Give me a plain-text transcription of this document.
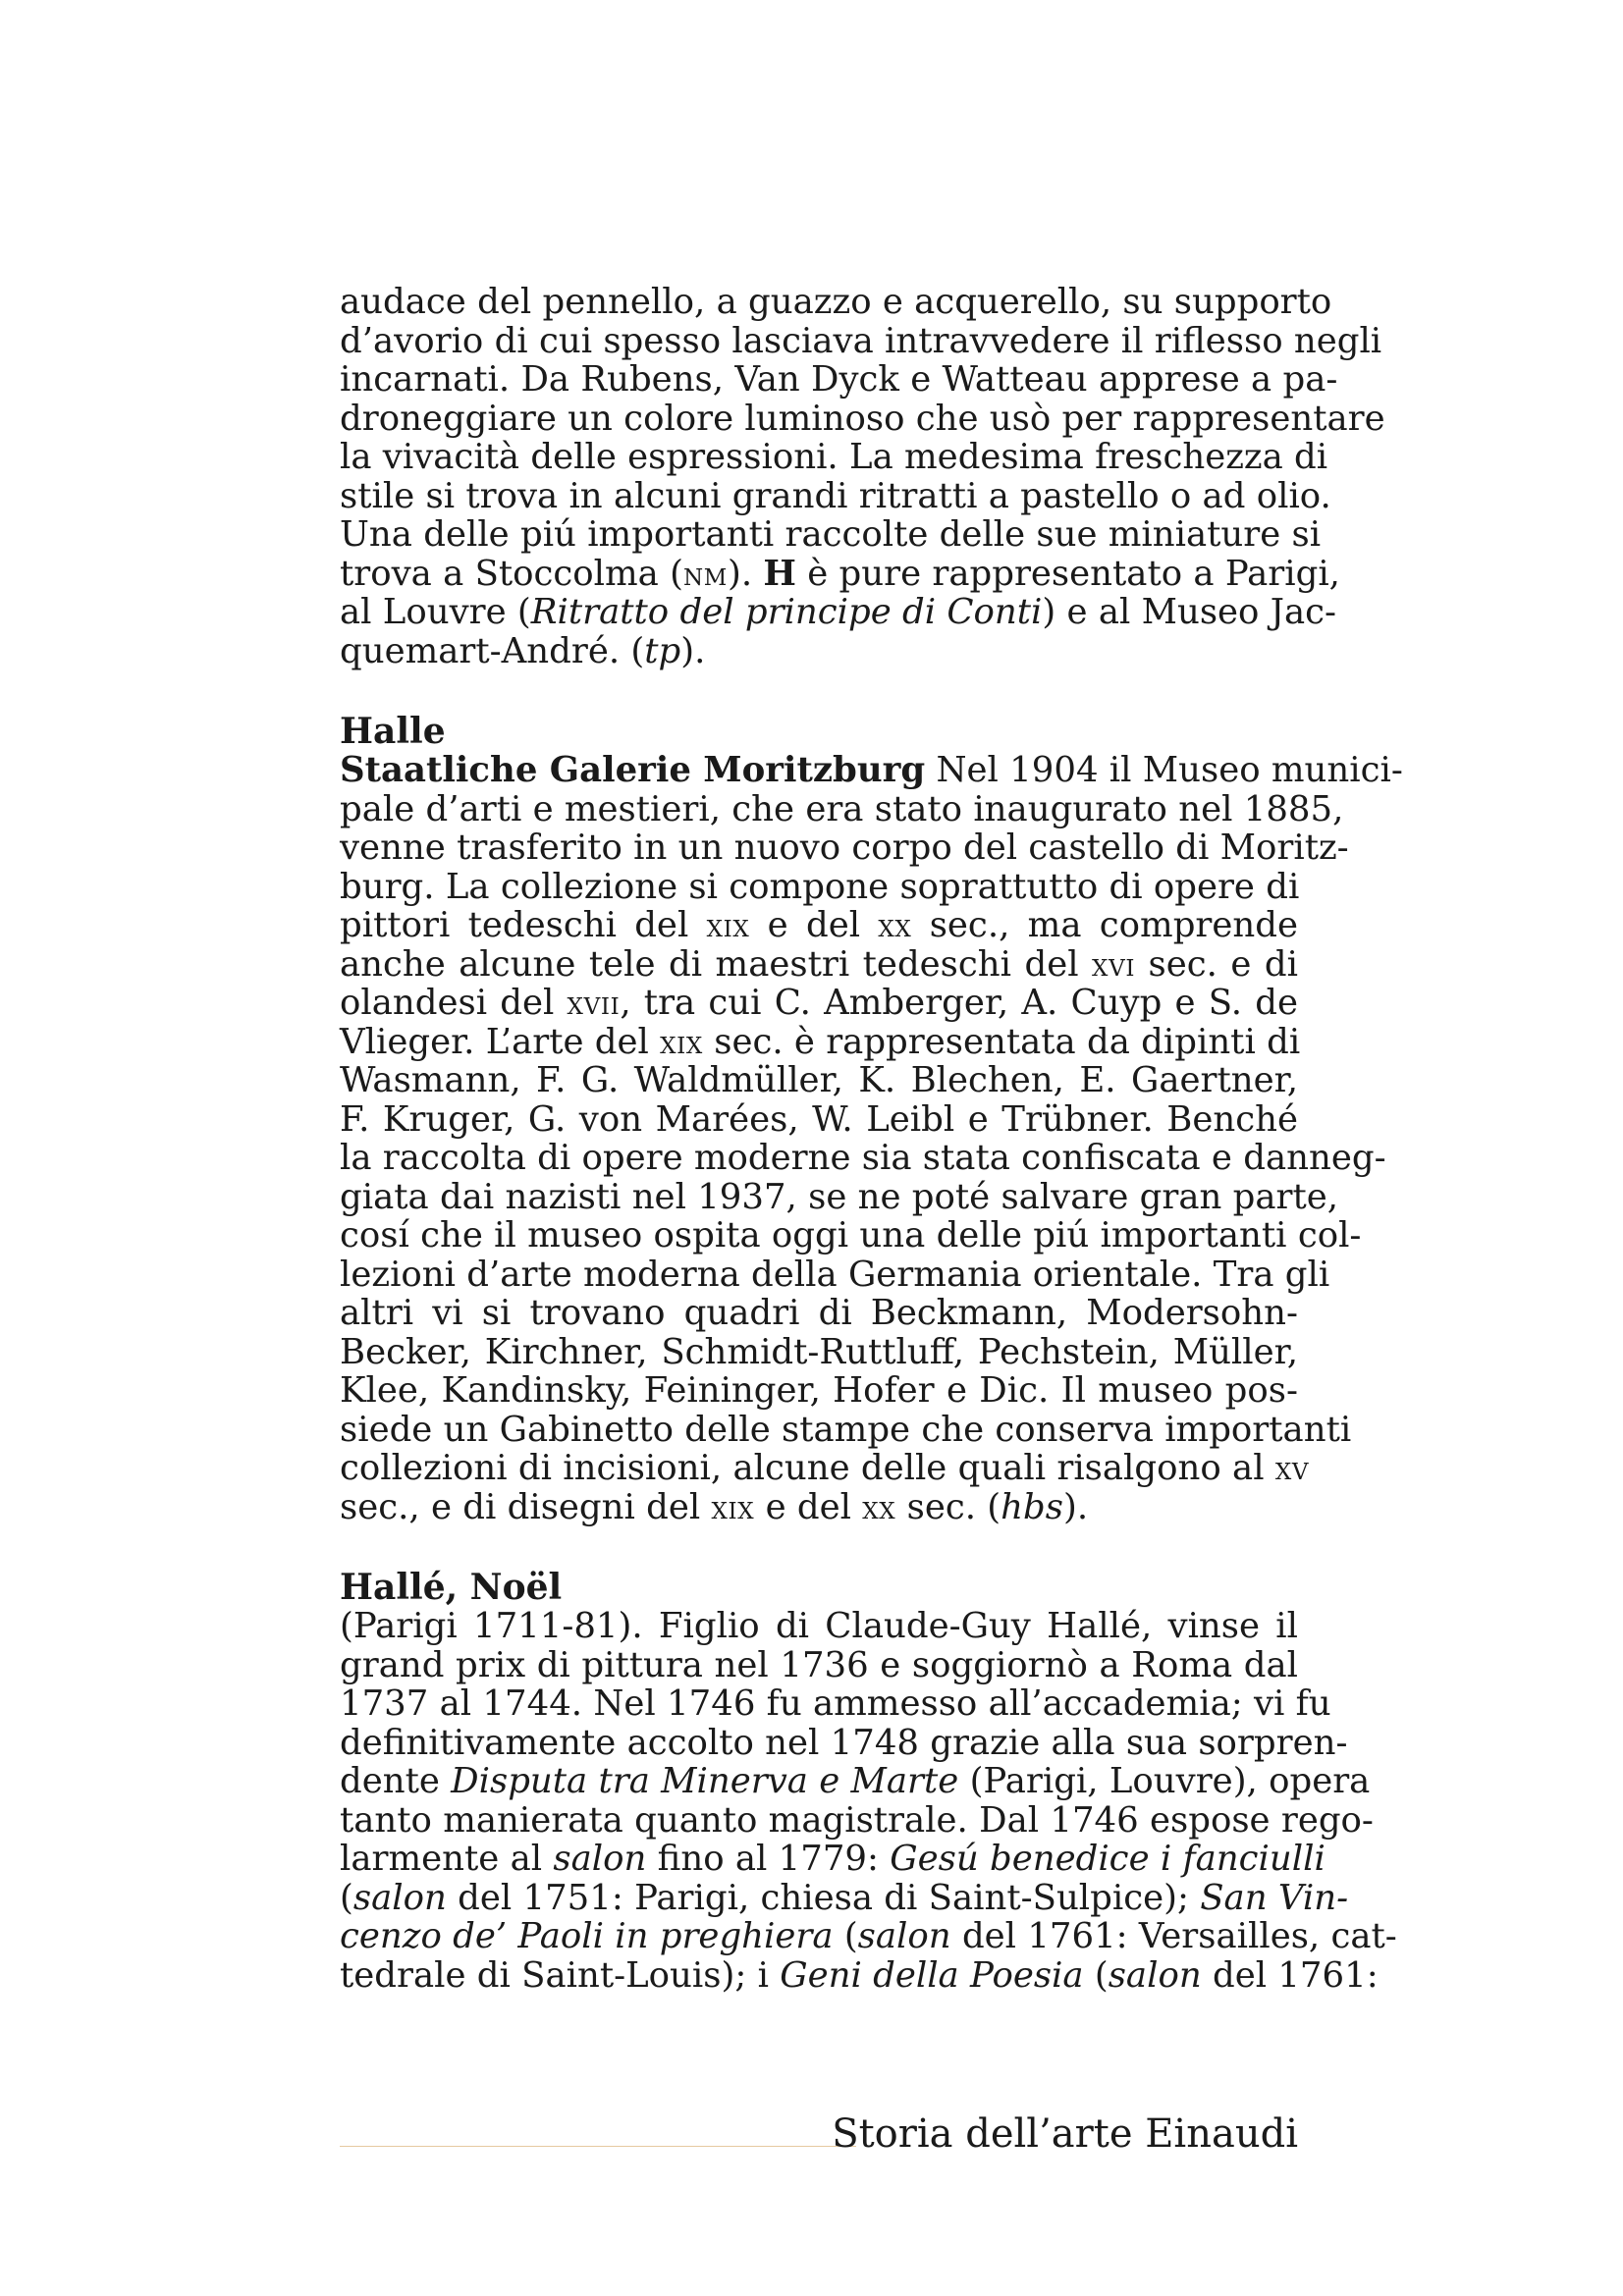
audace del pennello, a guazzo e acquerello, su supporto
d’avorio di cui spesso lasciava intravvedere il riflesso negli
incarnati. Da Rubens, Van Dyck e Watteau apprese a pa-
droneggiare un colore luminoso che usò per rappresentare
la vivacità delle espressioni. La medesima freschezza di
stile si trova in alcuni grandi ritratti a pastello o ad olio.
Una delle piú importanti raccolte delle sue miniature si
trova a Stoccolma (nm). H è pure rappresentato a Parigi,
al Louvre (Ritratto del principe di Conti) e al Museo Jac-
quemart-André. (tp).
Halle
Staatliche Galerie Moritzburg Nel 1904 il Museo munici-
pale d’arti e mestieri, che era stato inaugurato nel 1885,
venne trasferito in un nuovo corpo del castello di Moritz-
burg. La collezione si compone soprattutto di opere di
pittori tedeschi del xix e del xx sec., ma comprende
anche alcune tele di maestri tedeschi del xvi sec. e di
olandesi del xvii, tra cui C. Amberger, A. Cuyp e S. de
Vlieger. L’arte del xix sec. è rappresentata da dipinti di
Wasmann, F. G. Waldmüller, K. Blechen, E. Gaertner,
F. Kruger, G. von Marées, W. Leibl e Trübner. Benché
la raccolta di opere moderne sia stata confiscata e danneg-
giata dai nazisti nel 1937, se ne poté salvare gran parte,
cosí che il museo ospita oggi una delle piú importanti col-
lezioni d’arte moderna della Germania orientale. Tra gli
altri vi si trovano quadri di Beckmann, Modersohn-
Becker, Kirchner, Schmidt-Ruttluff, Pechstein, Müller,
Klee, Kandinsky, Feininger, Hofer e Dic. Il museo pos-
siede un Gabinetto delle stampe che conserva importanti
collezioni di incisioni, alcune delle quali risalgono al xv
sec., e di disegni del xix e del xx sec. (hbs).
Hallé, Noël
(Parigi 1711-81). Figlio di Claude-Guy Hallé, vinse il
grand prix di pittura nel 1736 e soggiornò a Roma dal
1737 al 1744. Nel 1746 fu ammesso all’accademia; vi fu
definitivamente accolto nel 1748 grazie alla sua sorpren-
dente Disputa tra Minerva e Marte (Parigi, Louvre), opera
tanto manierata quanto magistrale. Dal 1746 espose rego-
larmente al salon fino al 1779: Gesú benedice i fanciulli
(salon del 1751: Parigi, chiesa di Saint-Sulpice); San Vin-
cenzo de’ Paoli in preghiera (salon del 1761: Versailles, cat-
tedrale di Saint-Louis); i Geni della Poesia (salon del 1761:
Storia dell’arte Einaudi
